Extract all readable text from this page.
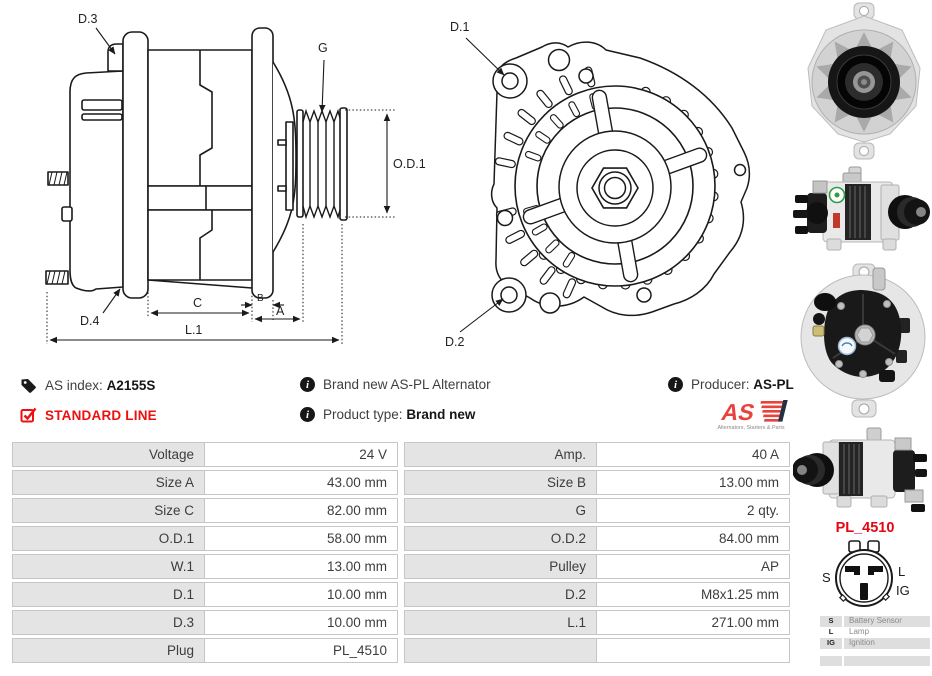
D.3
G
O.D.1
D.4
C	B
A
L.1
D.1
D.2
AS index: A2155S
STANDARD LINE
i	Brand new AS-PL Alternator
i	Product type: Brand new
i	Producer: AS-PL
AS
Alternators, Starters & Parts
Voltage	24 V	Amp.	40 A
Size A	43.00 mm	Size B	13.00 mm
Size C	82.00 mm	G	2 qty.
O.D.1	58.00 mm	O.D.2	84.00 mm
W.1	13.00 mm	Pulley	AP
D.1	10.00 mm	D.2	M8x1.25 mm
D.3	10.00 mm	L.1	271.00 mm
Plug	PL_4510
PL_4510
S	L
IG
S	Battery Sensor
L	Lamp
IG	Ignition
